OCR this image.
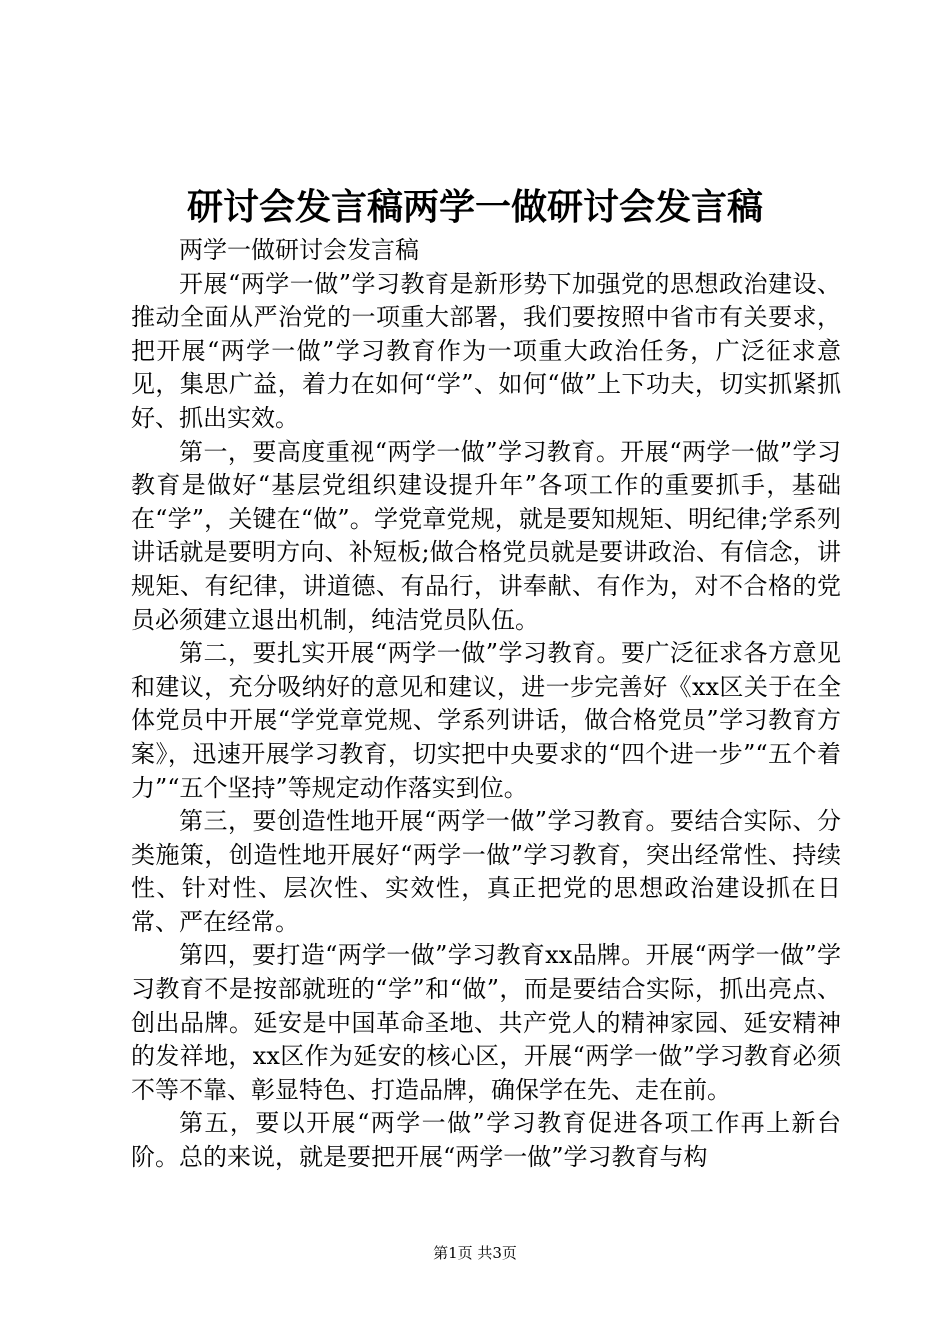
研讨会发言稿两学一做研讨会发言稿

两学一做研讨会发言稿

开展“两学一做”学习教育是新形势下加强党的思想政治建设、推动全面从严治党的一项重大部署，我们要按照中省市有关要求，把开展“两学一做”学习教育作为一项重大政治任务，广泛征求意见，集思广益，着力在如何“学”、如何“做”上下功夫，切实抓紧抓好、抓出实效。

第一，要高度重视“两学一做”学习教育。开展“两学一做”学习教育是做好“基层党组织建设提升年”各项工作的重要抓手，基础在“学”，关键在“做”。学党章党规，就是要知规矩、明纪律;学系列讲话就是要明方向、补短板;做合格党员就是要讲政治、有信念，讲规矩、有纪律，讲道德、有品行，讲奉献、有作为，对不合格的党员必须建立退出机制，纯洁党员队伍。

第二，要扎实开展“两学一做”学习教育。要广泛征求各方意见和建议，充分吸纳好的意见和建议，进一步完善好《xx区关于在全体党员中开展“学党章党规、学系列讲话，做合格党员”学习教育方案》，迅速开展学习教育，切实把中央要求的“四个进一步”“五个着力”“五个坚持”等规定动作落实到位。

第三，要创造性地开展“两学一做”学习教育。要结合实际、分类施策，创造性地开展好“两学一做”学习教育，突出经常性、持续性、针对性、层次性、实效性，真正把党的思想政治建设抓在日常、严在经常。

第四，要打造“两学一做”学习教育xx品牌。开展“两学一做”学习教育不是按部就班的“学”和“做”，而是要结合实际，抓出亮点、创出品牌。延安是中国革命圣地、共产党人的精神家园、延安精神的发祥地，xx区作为延安的核心区，开展“两学一做”学习教育必须不等不靠、彰显特色、打造品牌，确保学在先、走在前。

第五，要以开展“两学一做”学习教育促进各项工作再上新台阶。总的来说，就是要把开展“两学一做”学习教育与构

第1页 共3页
